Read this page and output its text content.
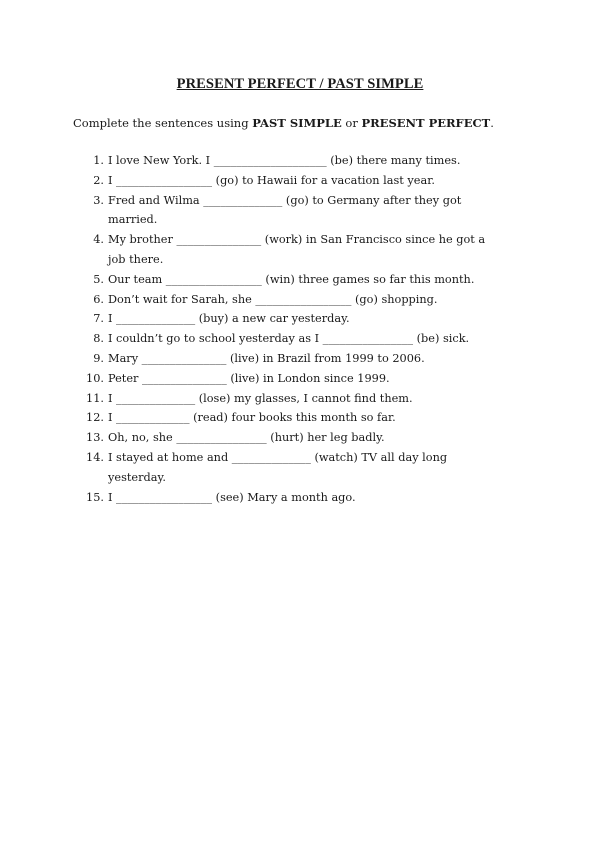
PRESENT PERFECT / PAST SIMPLE
Complete the sentences using PAST SIMPLE or PRESENT PERFECT.
1. I love New York. I ____________________ (be) there many times.
2. I _________________ (go) to Hawaii for a vacation last year.
3. Fred and Wilma ______________ (go) to Germany after they got
married.
4. My brother _______________ (work) in San Francisco since he got a
job there.
5. Our team _________________ (win) three games so far this month.
6. Don’t wait for Sarah, she _________________ (go) shopping.
7. I ______________ (buy) a new car yesterday.
8. I couldn’t go to school yesterday as I ________________ (be) sick.
9. Mary _______________ (live) in Brazil from 1999 to 2006.
10. Peter _______________ (live) in London since 1999.
11. I ______________ (lose) my glasses, I cannot find them.
12. I _____________ (read) four books this month so far.
13. Oh, no, she ________________ (hurt) her leg badly.
14. I stayed at home and ______________ (watch) TV all day long
yesterday.
15. I _________________ (see) Mary a month ago.
